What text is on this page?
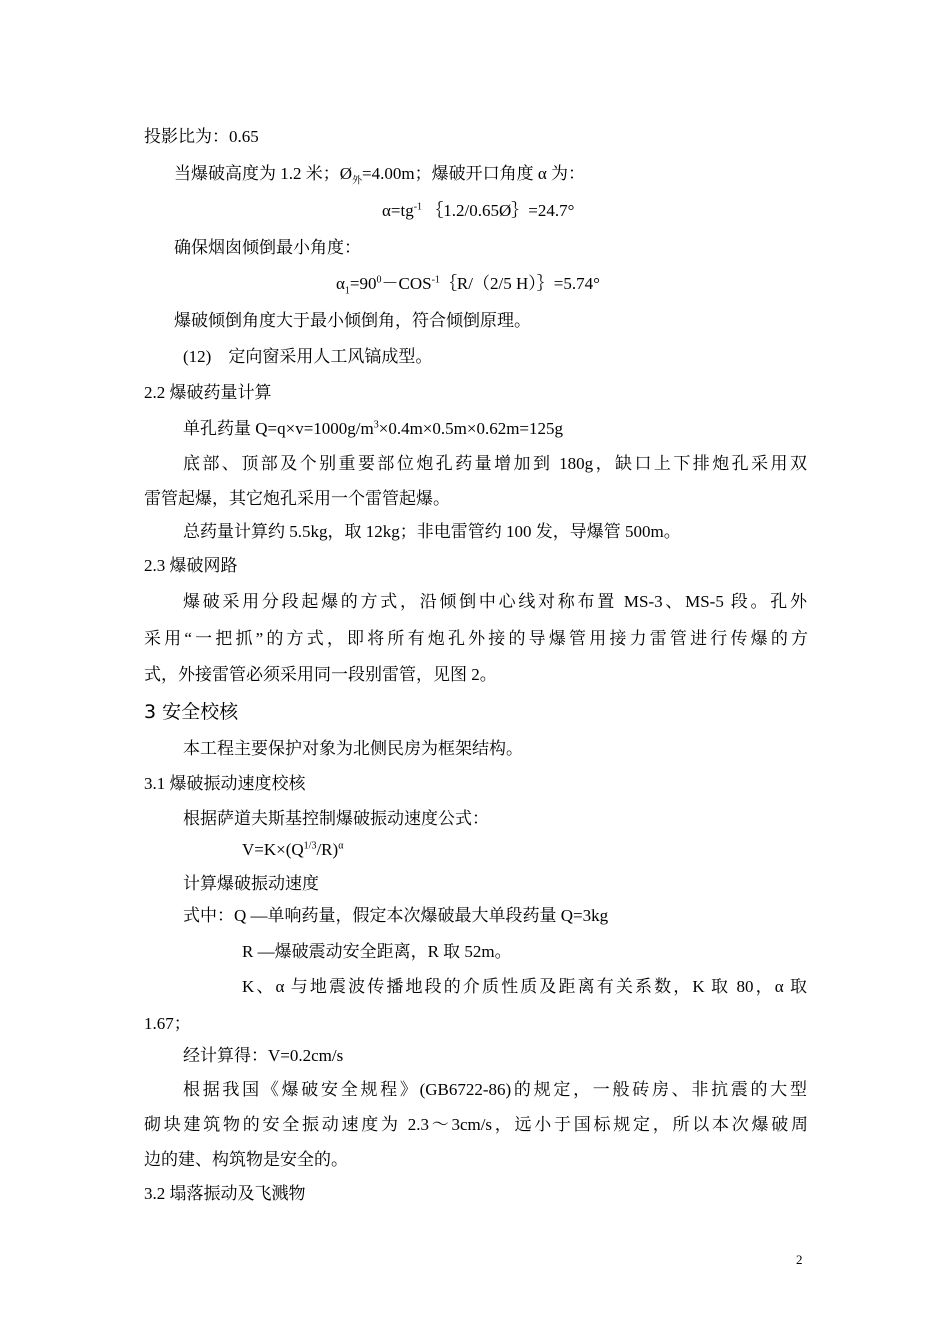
投影比为：0.65
当爆破高度为 1.2 米；$Ø_外=4.00m$；爆破开口角度 α 为：
$\alpha=tg^{-1}$ ｛1.2/0.65Ø｝=24.7°
确保烟囱倾倒最小角度：
$\alpha_1=90^0-COS^{-1}\{R/(2/5$ H）｝=5.74°
爆破倾倒角度大于最小倾倒角，符合倾倒原理。
(12)　定向窗采用人工风镐成型。
2.2 爆破药量计算
单孔药量 $Q=q\times v=1000g/m^3\times 0.4m\times 0.5m\times 0.62m=125g$
底部、顶部及个别重要部位炮孔药量增加到 180g，缺口上下排炮孔采用双
雷管起爆，其它炮孔采用一个雷管起爆。
总药量计算约 5.5kg，取 12kg；非电雷管约 100 发，导爆管 500m。
2.3 爆破网路
爆破采用分段起爆的方式，沿倾倒中心线对称布置 MS-3、MS-5 段。孔外
采用“一把抓”的方式，即将所有炮孔外接的导爆管用接力雷管进行传爆的方
式，外接雷管必须采用同一段别雷管，见图 2。
3 安全校核
本工程主要保护对象为北侧民房为框架结构。
3.1 爆破振动速度校核
根据萨道夫斯基控制爆破振动速度公式：
$V=K\times(Q^{1/3}/R)^\alpha$
计算爆破振动速度
式中：Q —单响药量，假定本次爆破最大单段药量 Q=3kg
R —爆破震动安全距离，R 取 52m。
K、α 与地震波传播地段的介质性质及距离有关系数，K 取 80，α 取
1.67；
经计算得：V=0.2cm/s
根据我国《爆破安全规程》(GB6722-86)的规定，一般砖房、非抗震的大型
砌块建筑物的安全振动速度为 2.3～3cm/s，远小于国标规定，所以本次爆破周
边的建、构筑物是安全的。
3.2 塌落振动及飞溅物
2
